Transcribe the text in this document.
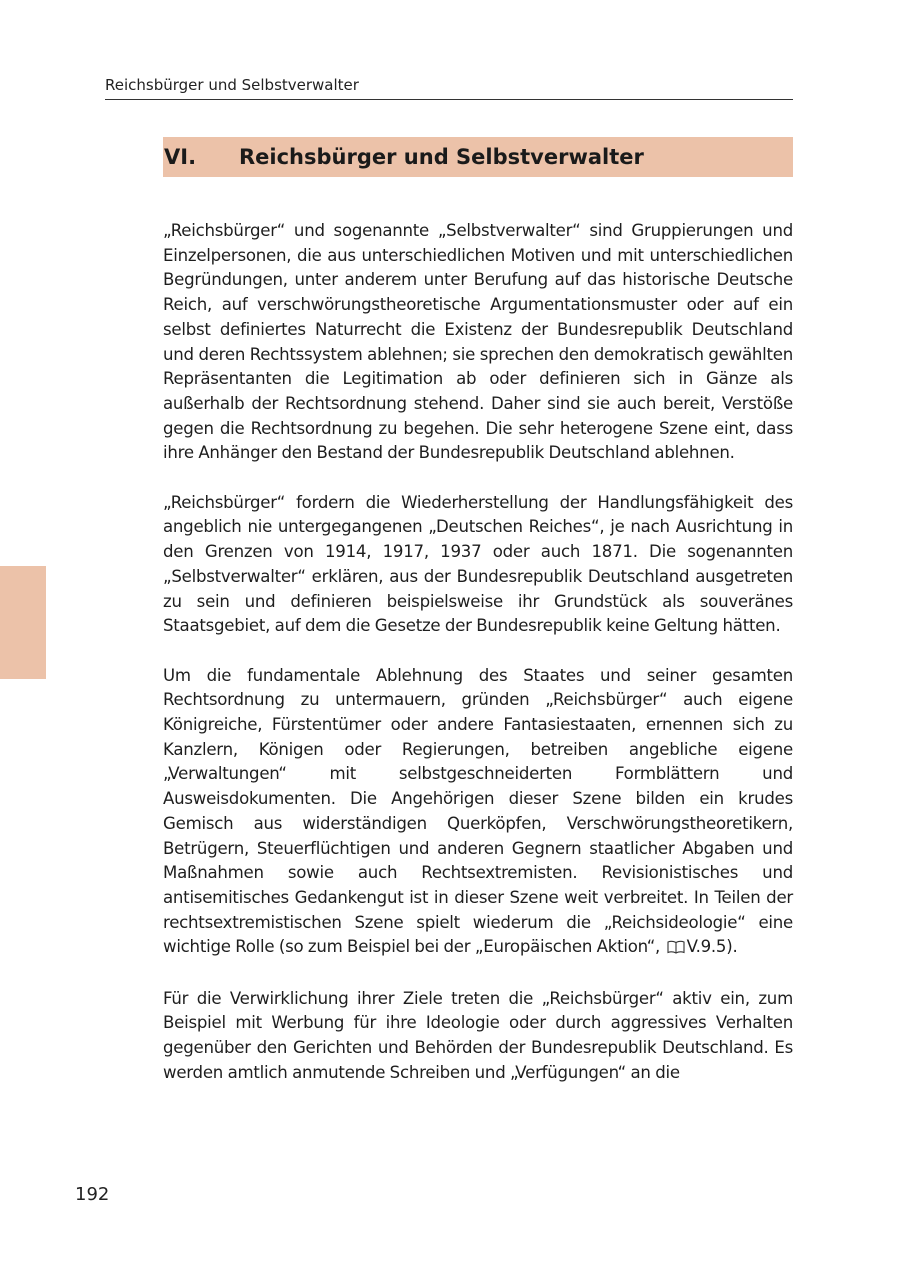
Reichsbürger und Selbstverwalter
VI.	Reichsbürger und Selbstverwalter

„Reichsbürger“ und sogenannte „Selbstverwalter“ sind Gruppierungen und Einzelpersonen, die aus unterschiedlichen Motiven und mit unterschiedlichen Begründungen, unter anderem unter Berufung auf das historische Deutsche Reich, auf verschwörungstheoretische Argumentationsmuster oder auf ein selbst definiertes Naturrecht die Existenz der Bundesrepublik Deutschland und deren Rechtssystem ablehnen; sie sprechen den demokratisch gewählten Repräsentanten die Legitimation ab oder definieren sich in Gänze als außerhalb der Rechtsordnung stehend. Daher sind sie auch bereit, Verstöße gegen die Rechtsordnung zu begehen. Die sehr heterogene Szene eint, dass ihre Anhänger den Bestand der Bundesrepublik Deutschland ablehnen.

„Reichsbürger“ fordern die Wiederherstellung der Handlungsfähigkeit des angeblich nie untergegangenen „Deutschen Reiches“, je nach Ausrichtung in den Grenzen von 1914, 1917, 1937 oder auch 1871. Die sogenannten „Selbstverwalter“ erklären, aus der Bundesrepublik Deutschland ausgetreten zu sein und definieren beispielsweise ihr Grundstück als souveränes Staatsgebiet, auf dem die Gesetze der Bundesrepublik keine Geltung hätten.

Um die fundamentale Ablehnung des Staates und seiner gesamten Rechtsordnung zu untermauern, gründen „Reichsbürger“ auch eigene Königreiche, Fürstentümer oder andere Fantasiestaaten, ernennen sich zu Kanzlern, Königen oder Regierungen, betreiben angebliche eigene „Verwaltungen“ mit selbstgeschneiderten Formblättern und Ausweisdokumenten. Die Angehörigen dieser Szene bilden ein krudes Gemisch aus widerständigen Querköpfen, Verschwörungstheoretikern, Betrügern, Steuerflüchtigen und anderen Gegnern staatlicher Abgaben und Maßnahmen sowie auch Rechtsextremisten. Revisionistisches und antisemitisches Gedankengut ist in dieser Szene weit verbreitet. In Teilen der rechtsextremistischen Szene spielt wiederum die „Reichsideologie“ eine wichtige Rolle (so zum Beispiel bei der „Europäischen Aktion“, V.9.5).

Für die Verwirklichung ihrer Ziele treten die „Reichsbürger“ aktiv ein, zum Beispiel mit Werbung für ihre Ideologie oder durch aggressives Verhalten gegenüber den Gerichten und Behörden der Bundesrepublik Deutschland. Es werden amtlich anmutende Schreiben und „Verfügungen“ an die

192
